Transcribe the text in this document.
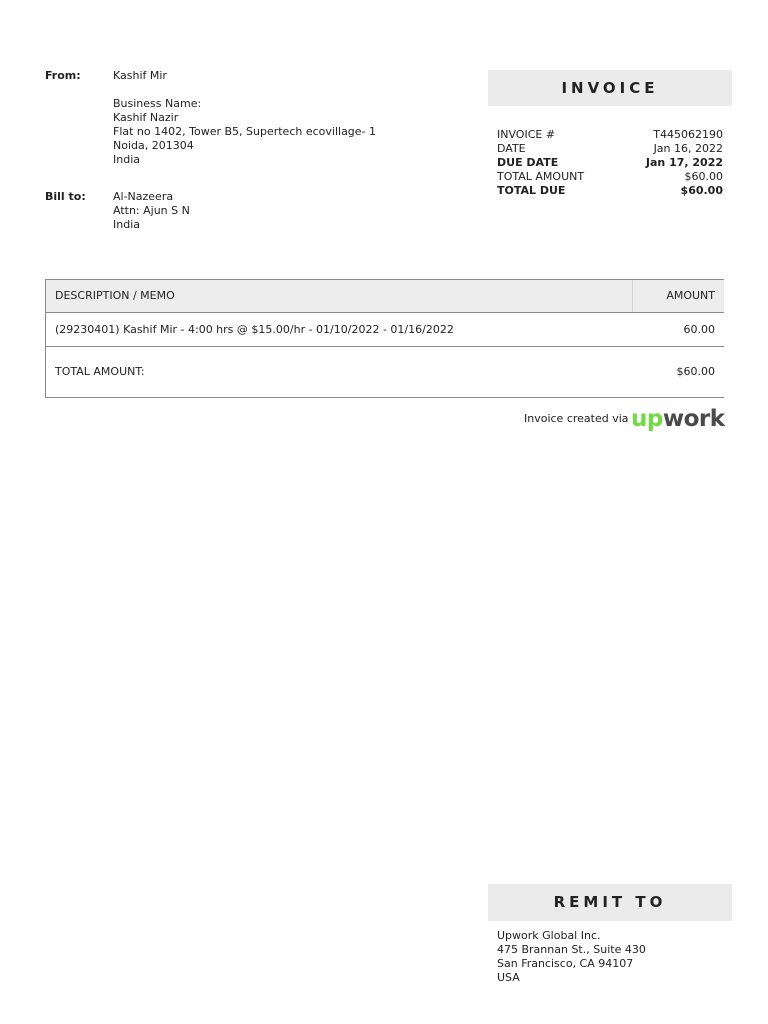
From:	Kashif Mir
Business Name:
Kashif Nazir
Flat no 1402, Tower B5, Supertech ecovillage- 1
Noida, 201304
India
Bill to: Al-Nazeera
Attn: Ajun S N
India
INVOICE
INVOICE #	T445062190
DATE	Jan 16, 2022
DUE DATE	Jan 17, 2022
TOTAL AMOUNT	$60.00
TOTAL DUE	$60.00
DESCRIPTION / MEMO	AMOUNT
(29230401) Kashif Mir - 4:00 hrs @ $15.00/hr - 01/10/2022 - 01/16/2022	60.00
TOTAL AMOUNT:	$60.00
Invoice created via upwork
REMIT TO
Upwork Global Inc.
475 Brannan St., Suite 430
San Francisco, CA 94107
USA
